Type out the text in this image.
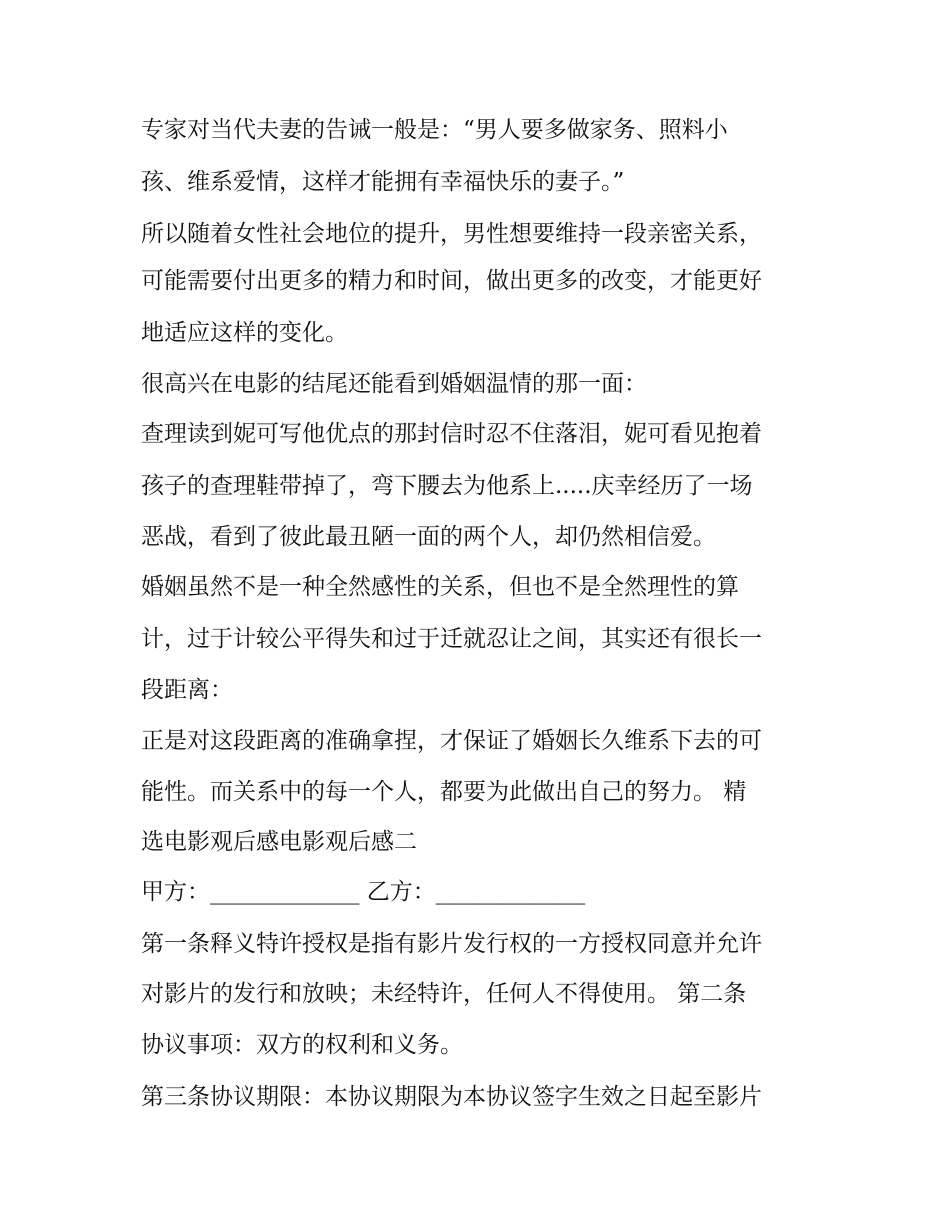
专家对当代夫妻的告诫一般是：“男人要多做家务、照料小

孩、维系爱情，这样才能拥有幸福快乐的妻子。”

所以随着女性社会地位的提升，男性想要维持一段亲密关系，

可能需要付出更多的精力和时间，做出更多的改变，才能更好

地适应这样的变化。

很高兴在电影的结尾还能看到婚姻温情的那一面：

查理读到妮可写他优点的那封信时忍不住落泪，妮可看见抱着

孩子的查理鞋带掉了，弯下腰去为他系上.....庆幸经历了一场

恶战，看到了彼此最丑陋一面的两个人，却仍然相信爱。

婚姻虽然不是一种全然感性的关系，但也不是全然理性的算

计，过于计较公平得失和过于迁就忍让之间，其实还有很长一

段距离：

正是对这段距离的准确拿捏，才保证了婚姻长久维系下去的可

能性。而关系中的每一个人，都要为此做出自己的努力。 精

选电影观后感电影观后感二

甲方：_____________ 乙方：_____________

第一条释义特许授权是指有影片发行权的一方授权同意并允许

对影片的发行和放映；未经特许，任何人不得使用。 第二条

协议事项：双方的权利和义务。

第三条协议期限：本协议期限为本协议签字生效之日起至影片
